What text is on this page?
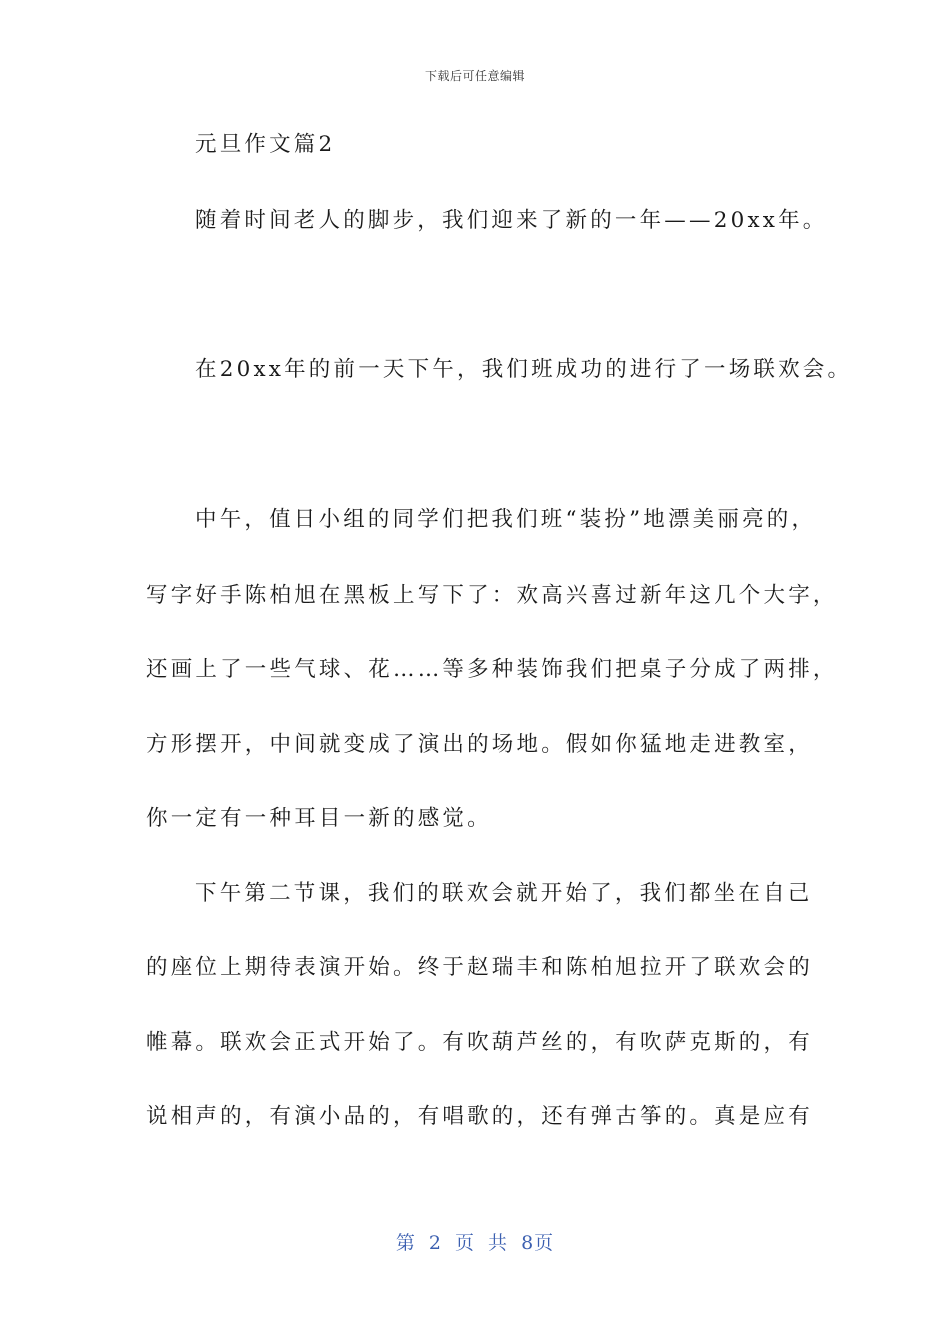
下载后可任意编辑
元旦作文篇2
随着时间老人的脚步，我们迎来了新的一年——20xx年。
在20xx年的前一天下午，我们班成功的进行了一场联欢会。
中午，值日小组的同学们把我们班“装扮”地漂美丽亮的，
写字好手陈柏旭在黑板上写下了：欢高兴喜过新年这几个大字，
还画上了一些气球、花……等多种装饰我们把桌子分成了两排，
方形摆开，中间就变成了演出的场地。假如你猛地走进教室，
你一定有一种耳目一新的感觉。
下午第二节课，我们的联欢会就开始了，我们都坐在自己
的座位上期待表演开始。终于赵瑞丰和陈柏旭拉开了联欢会的
帷幕。联欢会正式开始了。有吹葫芦丝的，有吹萨克斯的，有
说相声的，有演小品的，有唱歌的，还有弹古筝的。真是应有
第 2 页 共 8页
